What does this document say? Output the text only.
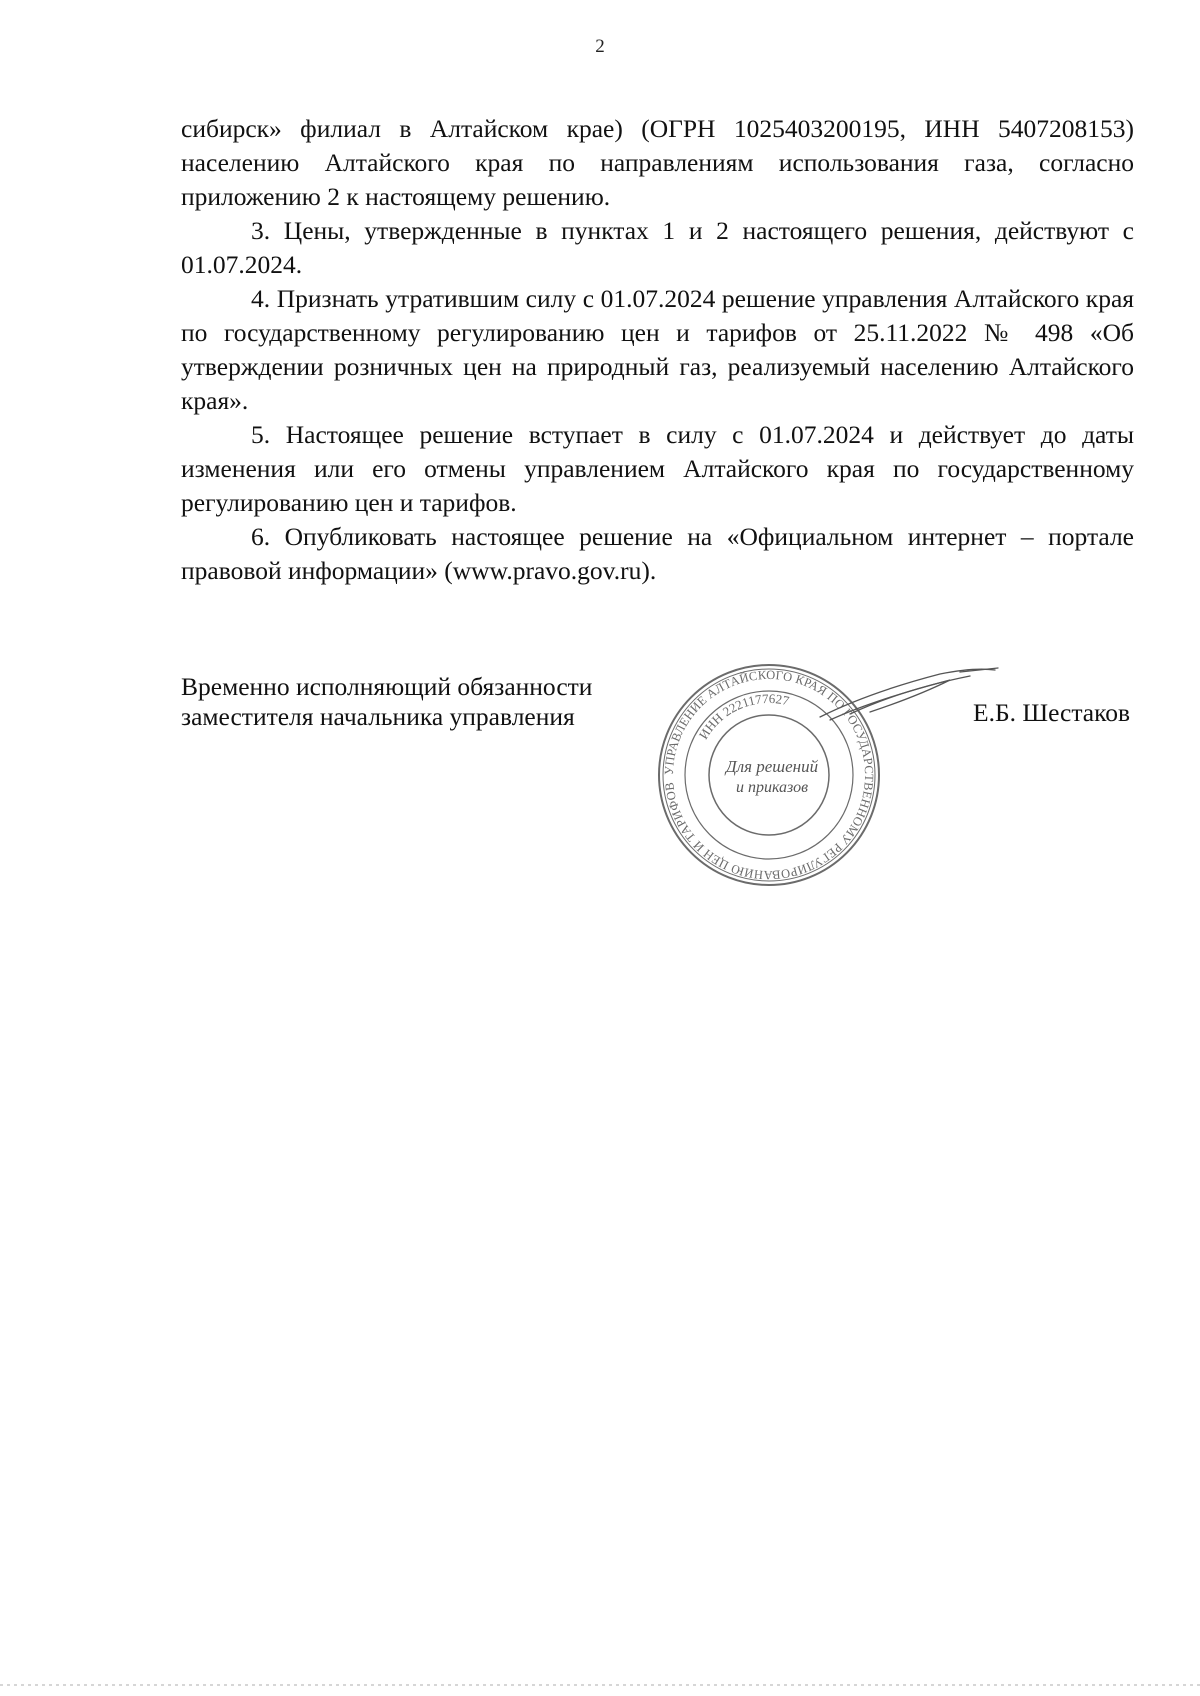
2

сибирск» филиал в Алтайском крае) (ОГРН 1025403200195, ИНН 5407208153) населению Алтайского края по направлениям использования газа, согласно приложению 2 к настоящему решению.

3. Цены, утвержденные в пунктах 1 и 2 настоящего решения, действуют с 01.07.2024.

4. Признать утратившим силу с 01.07.2024 решение управления Алтайского края по государственному регулированию цен и тарифов от 25.11.2022 № 498 «Об утверждении розничных цен на природный газ, реализуемый населению Алтайского края».

5. Настоящее решение вступает в силу с 01.07.2024 и действует до даты изменения или его отмены управлением Алтайского края по государственному регулированию цен и тарифов.

6. Опубликовать настоящее решение на «Официальном интернет – портале правовой информации» (www.pravo.gov.ru).

Временно исполняющий обязанности
заместителя начальника управления
УПРАВЛЕНИЕ АЛТАЙСКОГО КРАЯ ПО ГОСУДАРСТВЕННОМУ РЕГУЛИРОВАНИЮ ЦЕН И ТАРИФОВ
ИНН 2221177627
Для решений
и приказов
Е.Б. Шестаков
